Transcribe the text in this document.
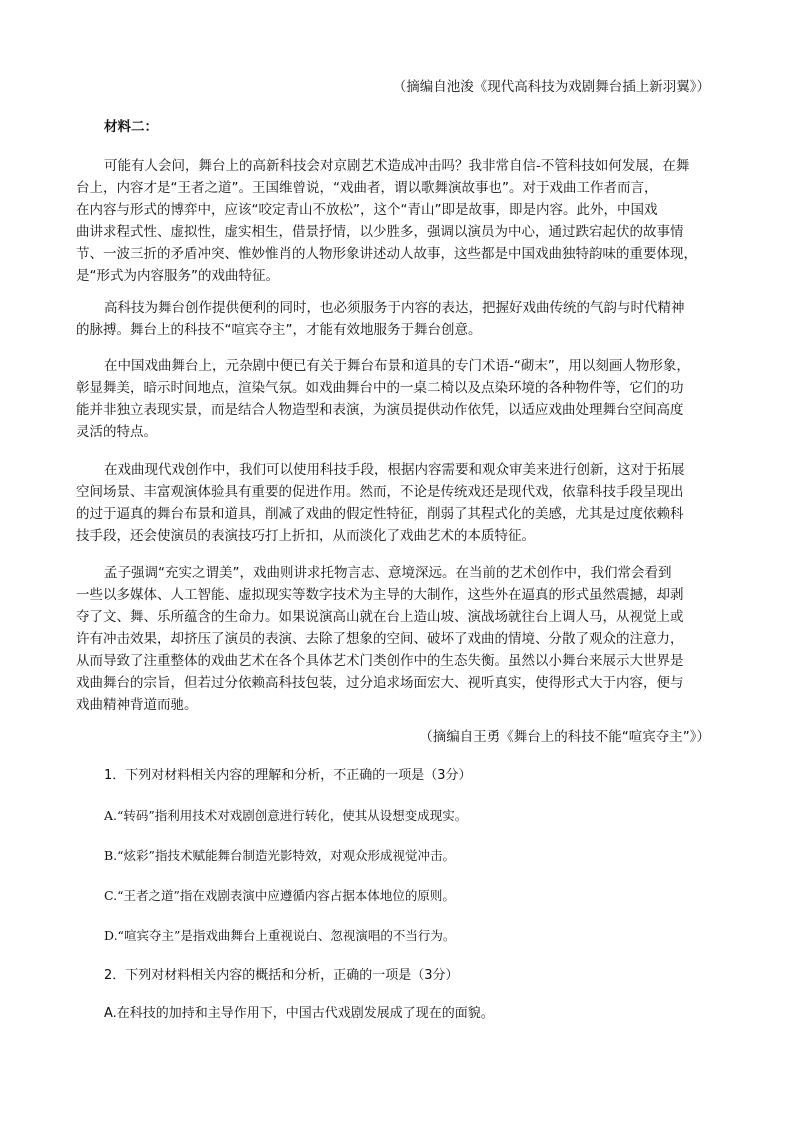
（摘编自池浚《现代高科技为戏剧舞台插上新羽翼》）
材料二：
可能有人会问，舞台上的高新科技会对京剧艺术造成冲击吗？我非常自信-不管科技如何发展，在舞
台上，内容才是“王者之道”。王国维曾说，“戏曲者，谓以歌舞演故事也”。对于戏曲工作者而言，
在内容与形式的博弈中，应该“咬定青山不放松”，这个“青山”即是故事，即是内容。此外，中国戏
曲讲求程式性、虚拟性，虚实相生，借景抒情，以少胜多，强调以演员为中心，通过跌宕起伏的故事情
节、一波三折的矛盾冲突、惟妙惟肖的人物形象讲述动人故事，这些都是中国戏曲独特韵味的重要体现，
是“形式为内容服务”的戏曲特征。
高科技为舞台创作提供便利的同时，也必须服务于内容的表达，把握好戏曲传统的气韵与时代精神
的脉搏。舞台上的科技不“喧宾夺主”，才能有效地服务于舞台创意。
在中国戏曲舞台上，元杂剧中便已有关于舞台布景和道具的专门术语-“砌末”，用以刻画人物形象，
彰显舞美，暗示时间地点，渲染气氛。如戏曲舞台中的一桌二椅以及点染环境的各种物件等，它们的功
能并非独立表现实景，而是结合人物造型和表演，为演员提供动作依凭，以适应戏曲处理舞台空间高度
灵活的特点。
在戏曲现代戏创作中，我们可以使用科技手段，根据内容需要和观众审美来进行创新，这对于拓展
空间场景、丰富观演体验具有重要的促进作用。然而，不论是传统戏还是现代戏，依靠科技手段呈现出
的过于逼真的舞台布景和道具，削减了戏曲的假定性特征，削弱了其程式化的美感，尤其是过度依赖科
技手段，还会使演员的表演技巧打上折扣，从而淡化了戏曲艺术的本质特征。
孟子强调“充实之谓美”，戏曲则讲求托物言志、意境深远。在当前的艺术创作中，我们常会看到
一些以多媒体、人工智能、虚拟现实等数字技术为主导的大制作，这些外在逼真的形式虽然震撼，却剥
夺了文、舞、乐所蕴含的生命力。如果说演高山就在台上造山坡、演战场就往台上调人马，从视觉上或
许有冲击效果，却挤压了演员的表演、去除了想象的空间、破坏了戏曲的情境、分散了观众的注意力，
从而导致了注重整体的戏曲艺术在各个具体艺术门类创作中的生态失衡。虽然以小舞台来展示大世界是
戏曲舞台的宗旨，但若过分依赖高科技包装，过分追求场面宏大、视听真实，使得形式大于内容，便与
戏曲精神背道而驰。
（摘编自王勇《舞台上的科技不能“喧宾夺主”》）
1．下列对材料相关内容的理解和分析，不正确的一项是（3分）
A.“转码”指利用技术对戏剧创意进行转化，使其从设想变成现实。
B.“炫彩”指技术赋能舞台制造光影特效，对观众形成视觉冲击。
C.“王者之道”指在戏剧表演中应遵循内容占据本体地位的原则。
D.“喧宾夺主”是指戏曲舞台上重视说白、忽视演唱的不当行为。
2．下列对材料相关内容的概括和分析，正确的一项是（3分）
A.在科技的加持和主导作用下，中国古代戏剧发展成了现在的面貌。
